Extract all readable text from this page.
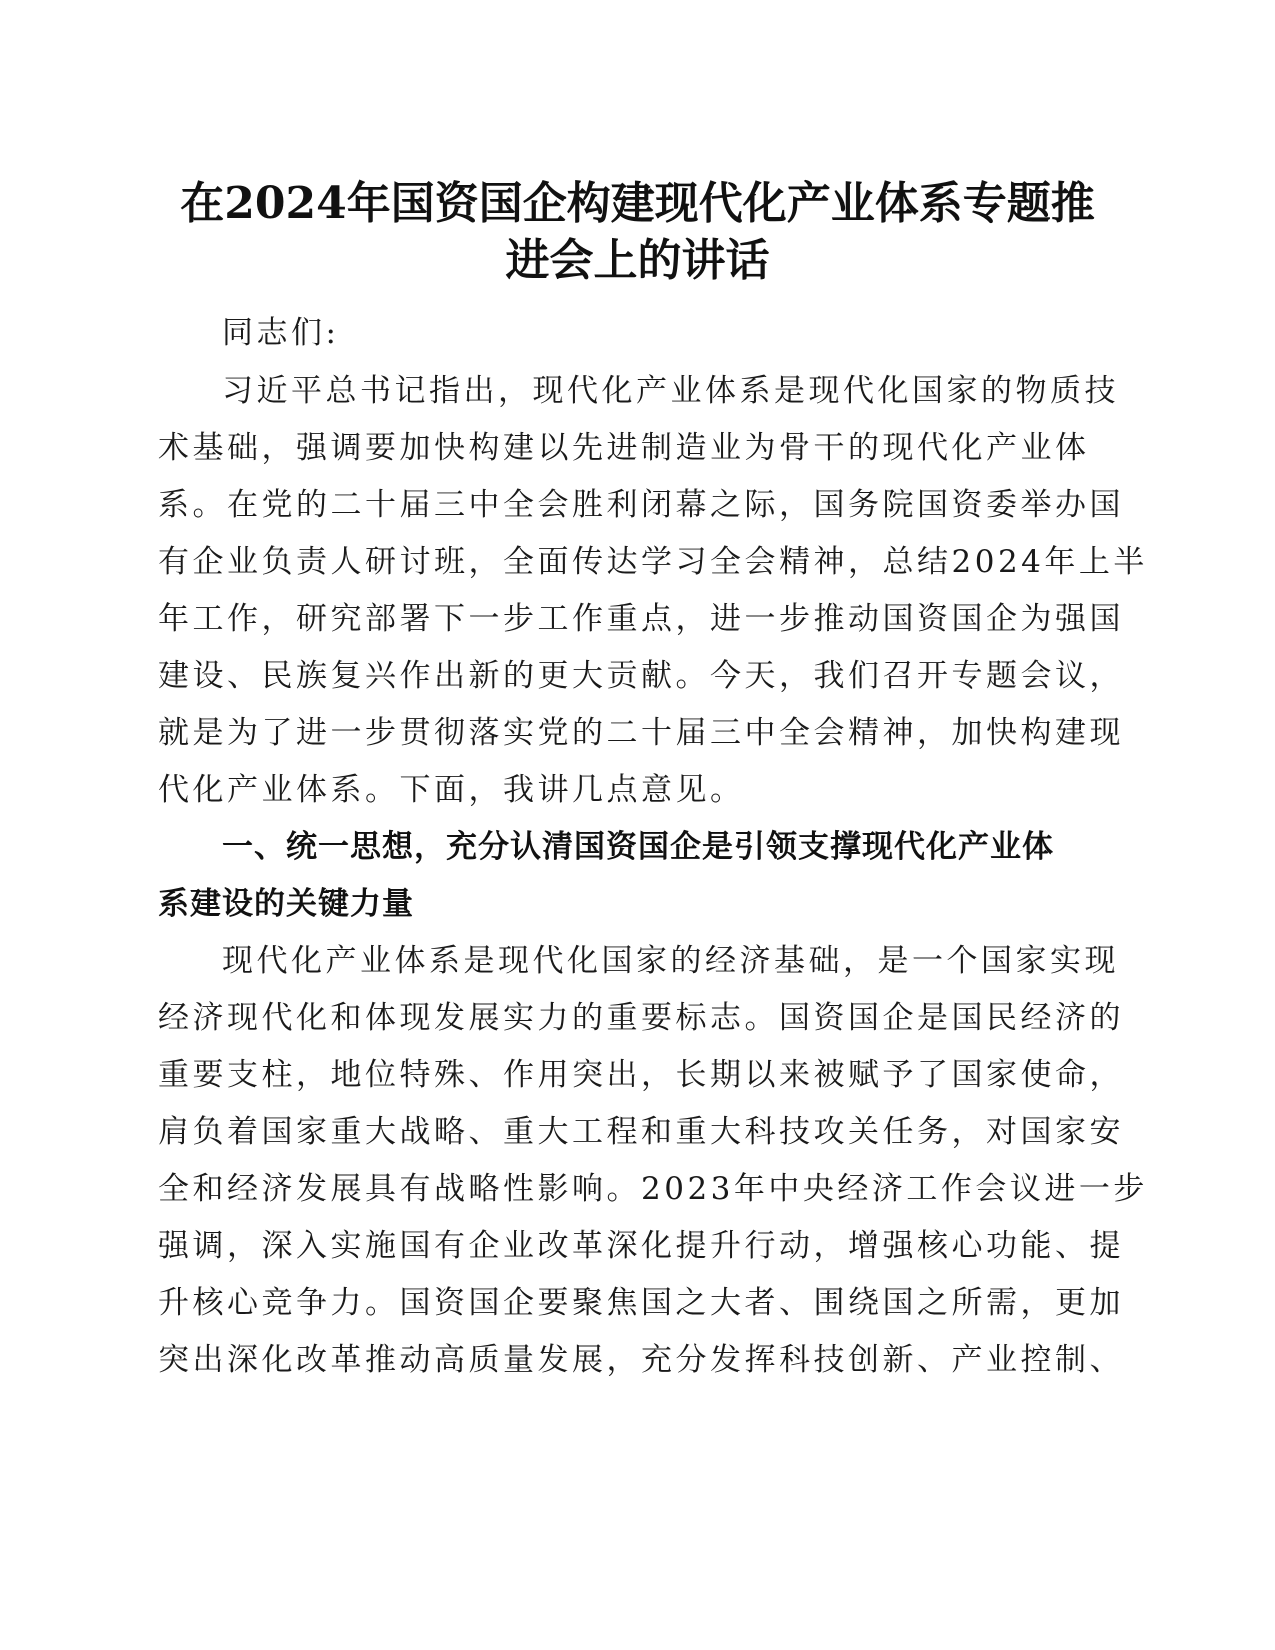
在2024年国资国企构建现代化产业体系专题推
进会上的讲话

同志们:

习近平总书记指出，现代化产业体系是现代化国家的物质技

术基础，强调要加快构建以先进制造业为骨干的现代化产业体

系。在党的二十届三中全会胜利闭幕之际，国务院国资委举办国

有企业负责人研讨班，全面传达学习全会精神，总结2024年上半

年工作，研究部署下一步工作重点，进一步推动国资国企为强国

建设、民族复兴作出新的更大贡献。今天，我们召开专题会议，

就是为了进一步贯彻落实党的二十届三中全会精神，加快构建现

代化产业体系。下面，我讲几点意见。

一、统一思想，充分认清国资国企是引领支撑现代化产业体

系建设的关键力量

现代化产业体系是现代化国家的经济基础，是一个国家实现

经济现代化和体现发展实力的重要标志。国资国企是国民经济的

重要支柱，地位特殊、作用突出，长期以来被赋予了国家使命，

肩负着国家重大战略、重大工程和重大科技攻关任务，对国家安

全和经济发展具有战略性影响。2023年中央经济工作会议进一步

强调，深入实施国有企业改革深化提升行动，增强核心功能、提

升核心竞争力。国资国企要聚焦国之大者、围绕国之所需，更加

突出深化改革推动高质量发展，充分发挥科技创新、产业控制、
